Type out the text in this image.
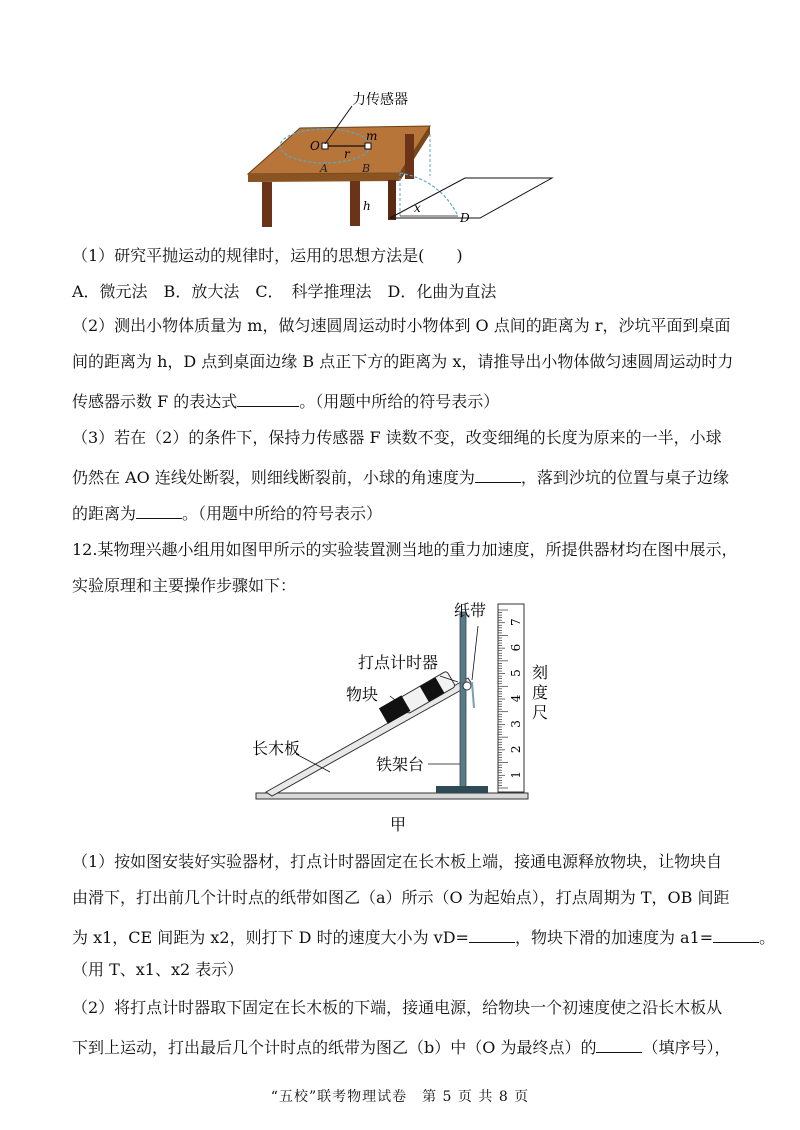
力传感器
O
m
r
A	B
h	x
D
（1）研究平抛运动的规律时，运用的思想方法是(　　)
A．微元法　B．放大法　C．　科学推理法　D．化曲为直法
（2）测出小物体质量为 m，做匀速圆周运动时小物体到 O 点间的距离为 r，沙坑平面到桌面
间的距离为 h，D 点到桌面边缘 B 点正下方的距离为 x，请推导出小物体做匀速圆周运动时力
传感器示数 F 的表达式	。（用题中所给的符号表示）
（3）若在（2）的条件下，保持力传感器 F 读数不变，改变细绳的长度为原来的一半，小球
仍然在 AO 连线处断裂，则细线断裂前，小球的角速度为	，落到沙坑的位置与桌子边缘
的距离为	。（用题中所给的符号表示）
12.某物理兴趣小组用如图甲所示的实验装置测当地的重力加速度，所提供器材均在图中展示，
实验原理和主要操作步骤如下：
1
2
3
4
5
6
7
纸带
打点计时器
物块
长木板
铁架台
刻度尺
甲
（1）按如图安装好实验器材，打点计时器固定在长木板上端，接通电源释放物块，让物块自
由滑下，打出前几个计时点的纸带如图乙（a）所示（O 为起始点），打点周期为 T，OB 间距
为 x1，CE 间距为 x2，则打下 D 时的速度大小为 vD=	，物块下滑的加速度为 a1=	。
（用 T、x1、x2 表示）
（2）将打点计时器取下固定在长木板的下端，接通电源，给物块一个初速度使之沿长木板从
下到上运动，打出最后几个计时点的纸带为图乙（b）中（O 为最终点）的	（填序号），
“五校”联考物理试卷　第 5 页 共 8 页
